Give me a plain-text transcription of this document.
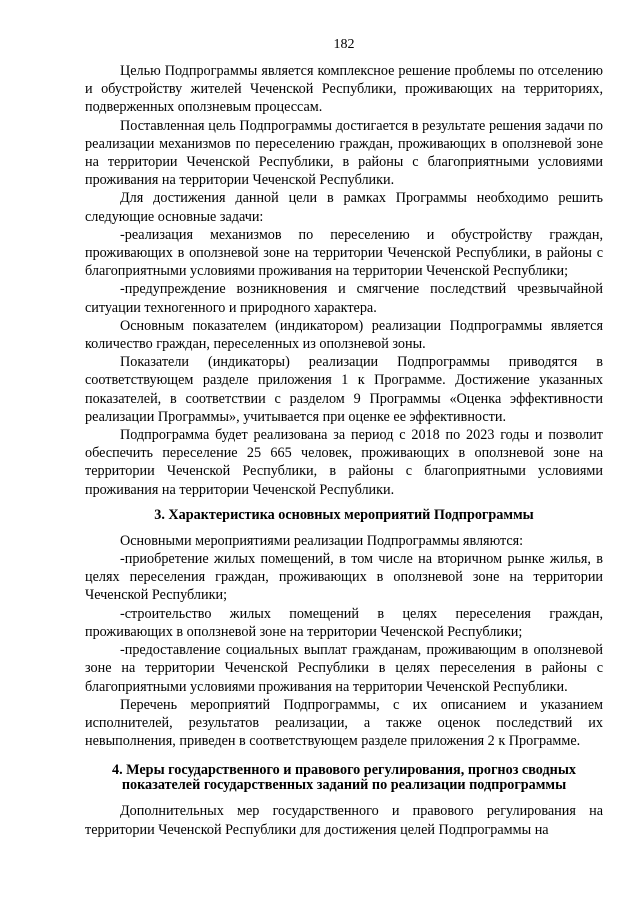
182

Целью Подпрограммы является комплексное решение проблемы по отселению и обустройству жителей Чеченской Республики, проживающих на территориях, подверженных оползневым процессам.

Поставленная цель Подпрограммы достигается в результате решения задачи по реализации механизмов по переселению граждан, проживающих в оползневой зоне на территории Чеченской Республики, в районы с благоприятными условиями проживания на территории Чеченской Республики.

Для достижения данной цели в рамках Программы необходимо решить следующие основные задачи:

-реализация механизмов по переселению и обустройству граждан, проживающих в оползневой зоне на территории Чеченской Республики, в районы с благоприятными условиями проживания на территории Чеченской Республики;

-предупреждение возникновения и смягчение последствий чрезвычайной ситуации техногенного и природного характера.

Основным показателем (индикатором) реализации Подпрограммы является количество граждан, переселенных из оползневой зоны.

Показатели (индикаторы) реализации Подпрограммы приводятся в соответствующем разделе приложения 1 к Программе. Достижение указанных показателей, в соответствии с разделом 9 Программы «Оценка эффективности реализации Программы», учитывается при оценке ее эффективности.

Подпрограмма будет реализована за период с 2018 по 2023 годы и позволит обеспечить переселение 25 665 человек, проживающих в оползневой зоне на территории Чеченской Республики, в районы с благоприятными условиями проживания на территории Чеченской Республики.

3. Характеристика основных мероприятий Подпрограммы

Основными мероприятиями реализации Подпрограммы являются:

-приобретение жилых помещений, в том числе на вторичном рынке жилья, в целях переселения граждан, проживающих в оползневой зоне на территории Чеченской Республики;

-строительство жилых помещений в целях переселения граждан, проживающих в оползневой зоне на территории Чеченской Республики;

-предоставление социальных выплат гражданам, проживающим в оползневой зоне на территории Чеченской Республики в целях переселения в районы с благоприятными условиями проживания на территории Чеченской Республики.

Перечень мероприятий Подпрограммы, с их описанием и указанием исполнителей, результатов реализации, а также оценок последствий их невыполнения, приведен в соответствующем разделе приложения 2 к Программе.

4. Меры государственного и правового регулирования, прогноз сводных
показателей государственных заданий по реализации подпрограммы

Дополнительных мер государственного и правового регулирования на территории Чеченской Республики для достижения целей Подпрограммы на
